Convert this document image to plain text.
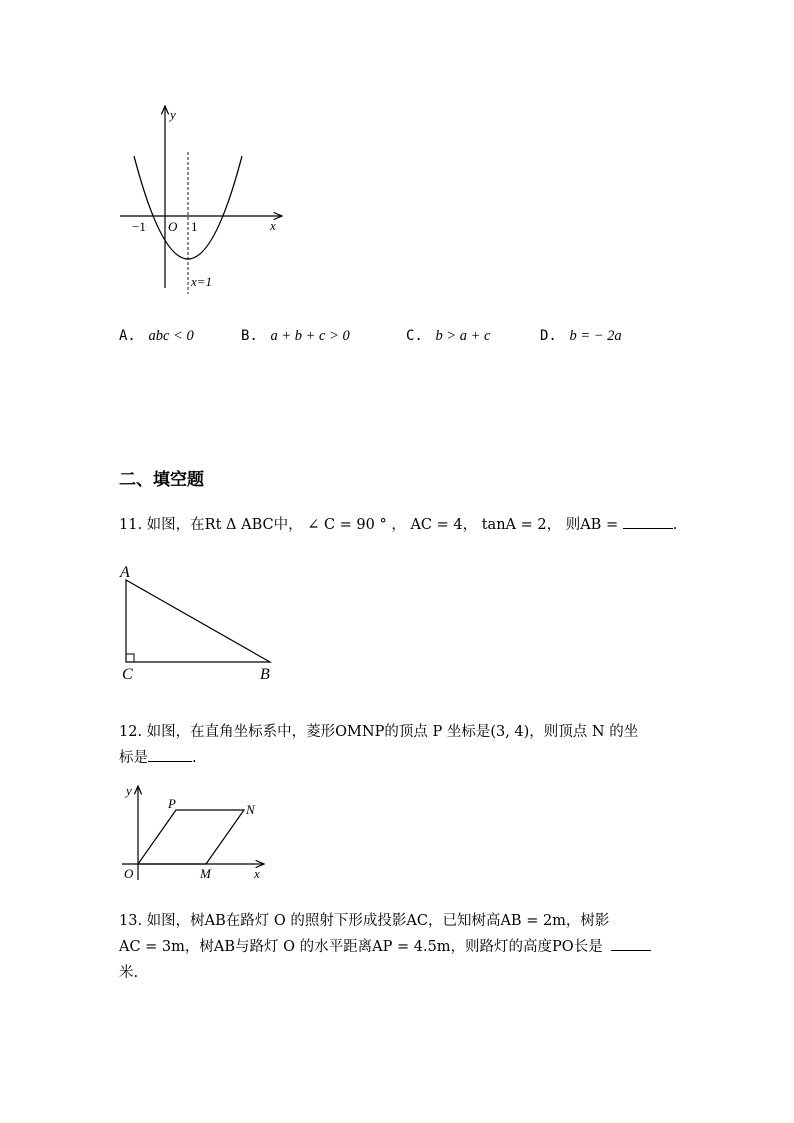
y
x
O
−1	1
x=1
A. abc < 0	B. a + b + c > 0	C. b > a + c	D. b = − 2a
二、填空题
11. 如图，在Rt Δ ABC中， ∠ C = 90 ° ， AC = 4， tanA = 2， 则AB =	.
A
C	B
12. 如图，在直角坐标系中，菱形OMNP的顶点 P 坐标是(3, 4)，则顶点 N 的坐
标是	.
y
x
O	M
P	N
13. 如图，树AB在路灯 O 的照射下形成投影AC，已知树高AB = 2m，树影
AC = 3m，树AB与路灯 O 的水平距离AP = 4.5m，则路灯的高度PO长是
米.
